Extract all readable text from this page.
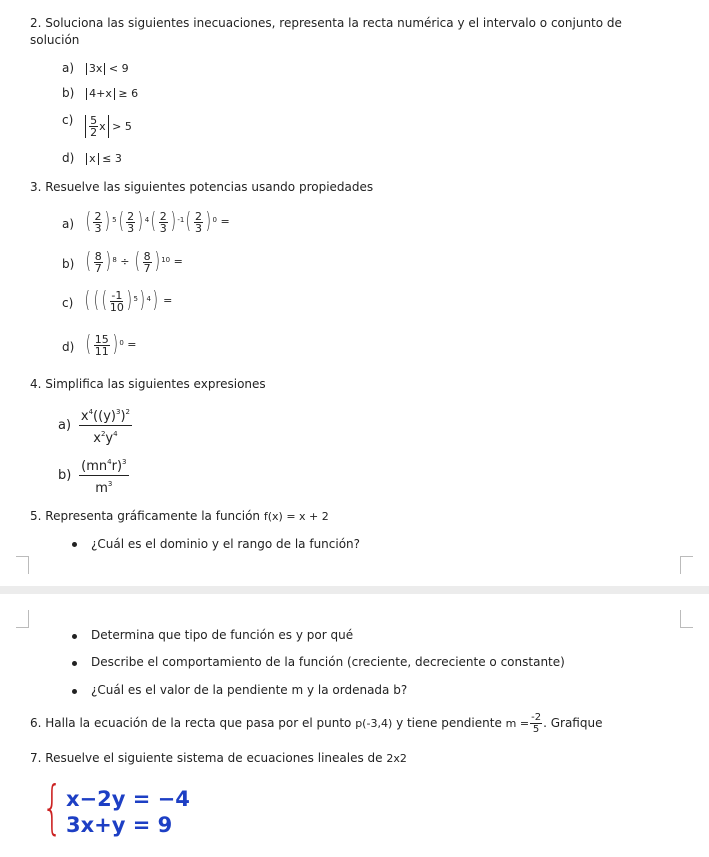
2. Soluciona las siguientes inecuaciones, representa la recta numérica y el intervalo o conjunto de
solución
a) 3x
< 9
b) 4+x
≥ 6
$c) \frac{5}{2}$ x
> 5
d) x
≤ 3
3. Resuelve las siguientes potencias usando propiedades
a) ( $\frac{2}{3}$ ) 5 ( $\frac{2}{3}$ ) 4 ( $\frac{2}{3}$ ) -1 ( $\frac{2}{3}$ ) 0
=
b) ( $\frac{8}{7}$ ) 8
÷
( $\frac{8}{7}$ ) 10
=
c) ( ( ( $\frac{-1}{10}$ ) 5 ) 4 )
=
d) ( $\frac{15}{11}$ ) 0
=
4. Simplifica las siguientes expresiones
$a) \frac{x^4((y)^3)^2}{x^2y^4}$
$b) \frac{(mn^4r)^3}{m^3}$
5. Representa gráficamente la función f(x) = x + 2
¿Cuál es el dominio y el rango de la función?
Determina que tipo de función es y por qué
Describe el comportamiento de la función (creciente, decreciente o constante)
¿Cuál es el valor de la pendiente m y la ordenada b?
6. Halla la ecuación de la recta que pasa por el punto p(-3,4) y tiene pendiente $m = \frac{-2}{5}$ . Grafique
7. Resuelve el siguiente sistema de ecuaciones lineales de 2x2
{ x−2y = −4
3x+y = 9
